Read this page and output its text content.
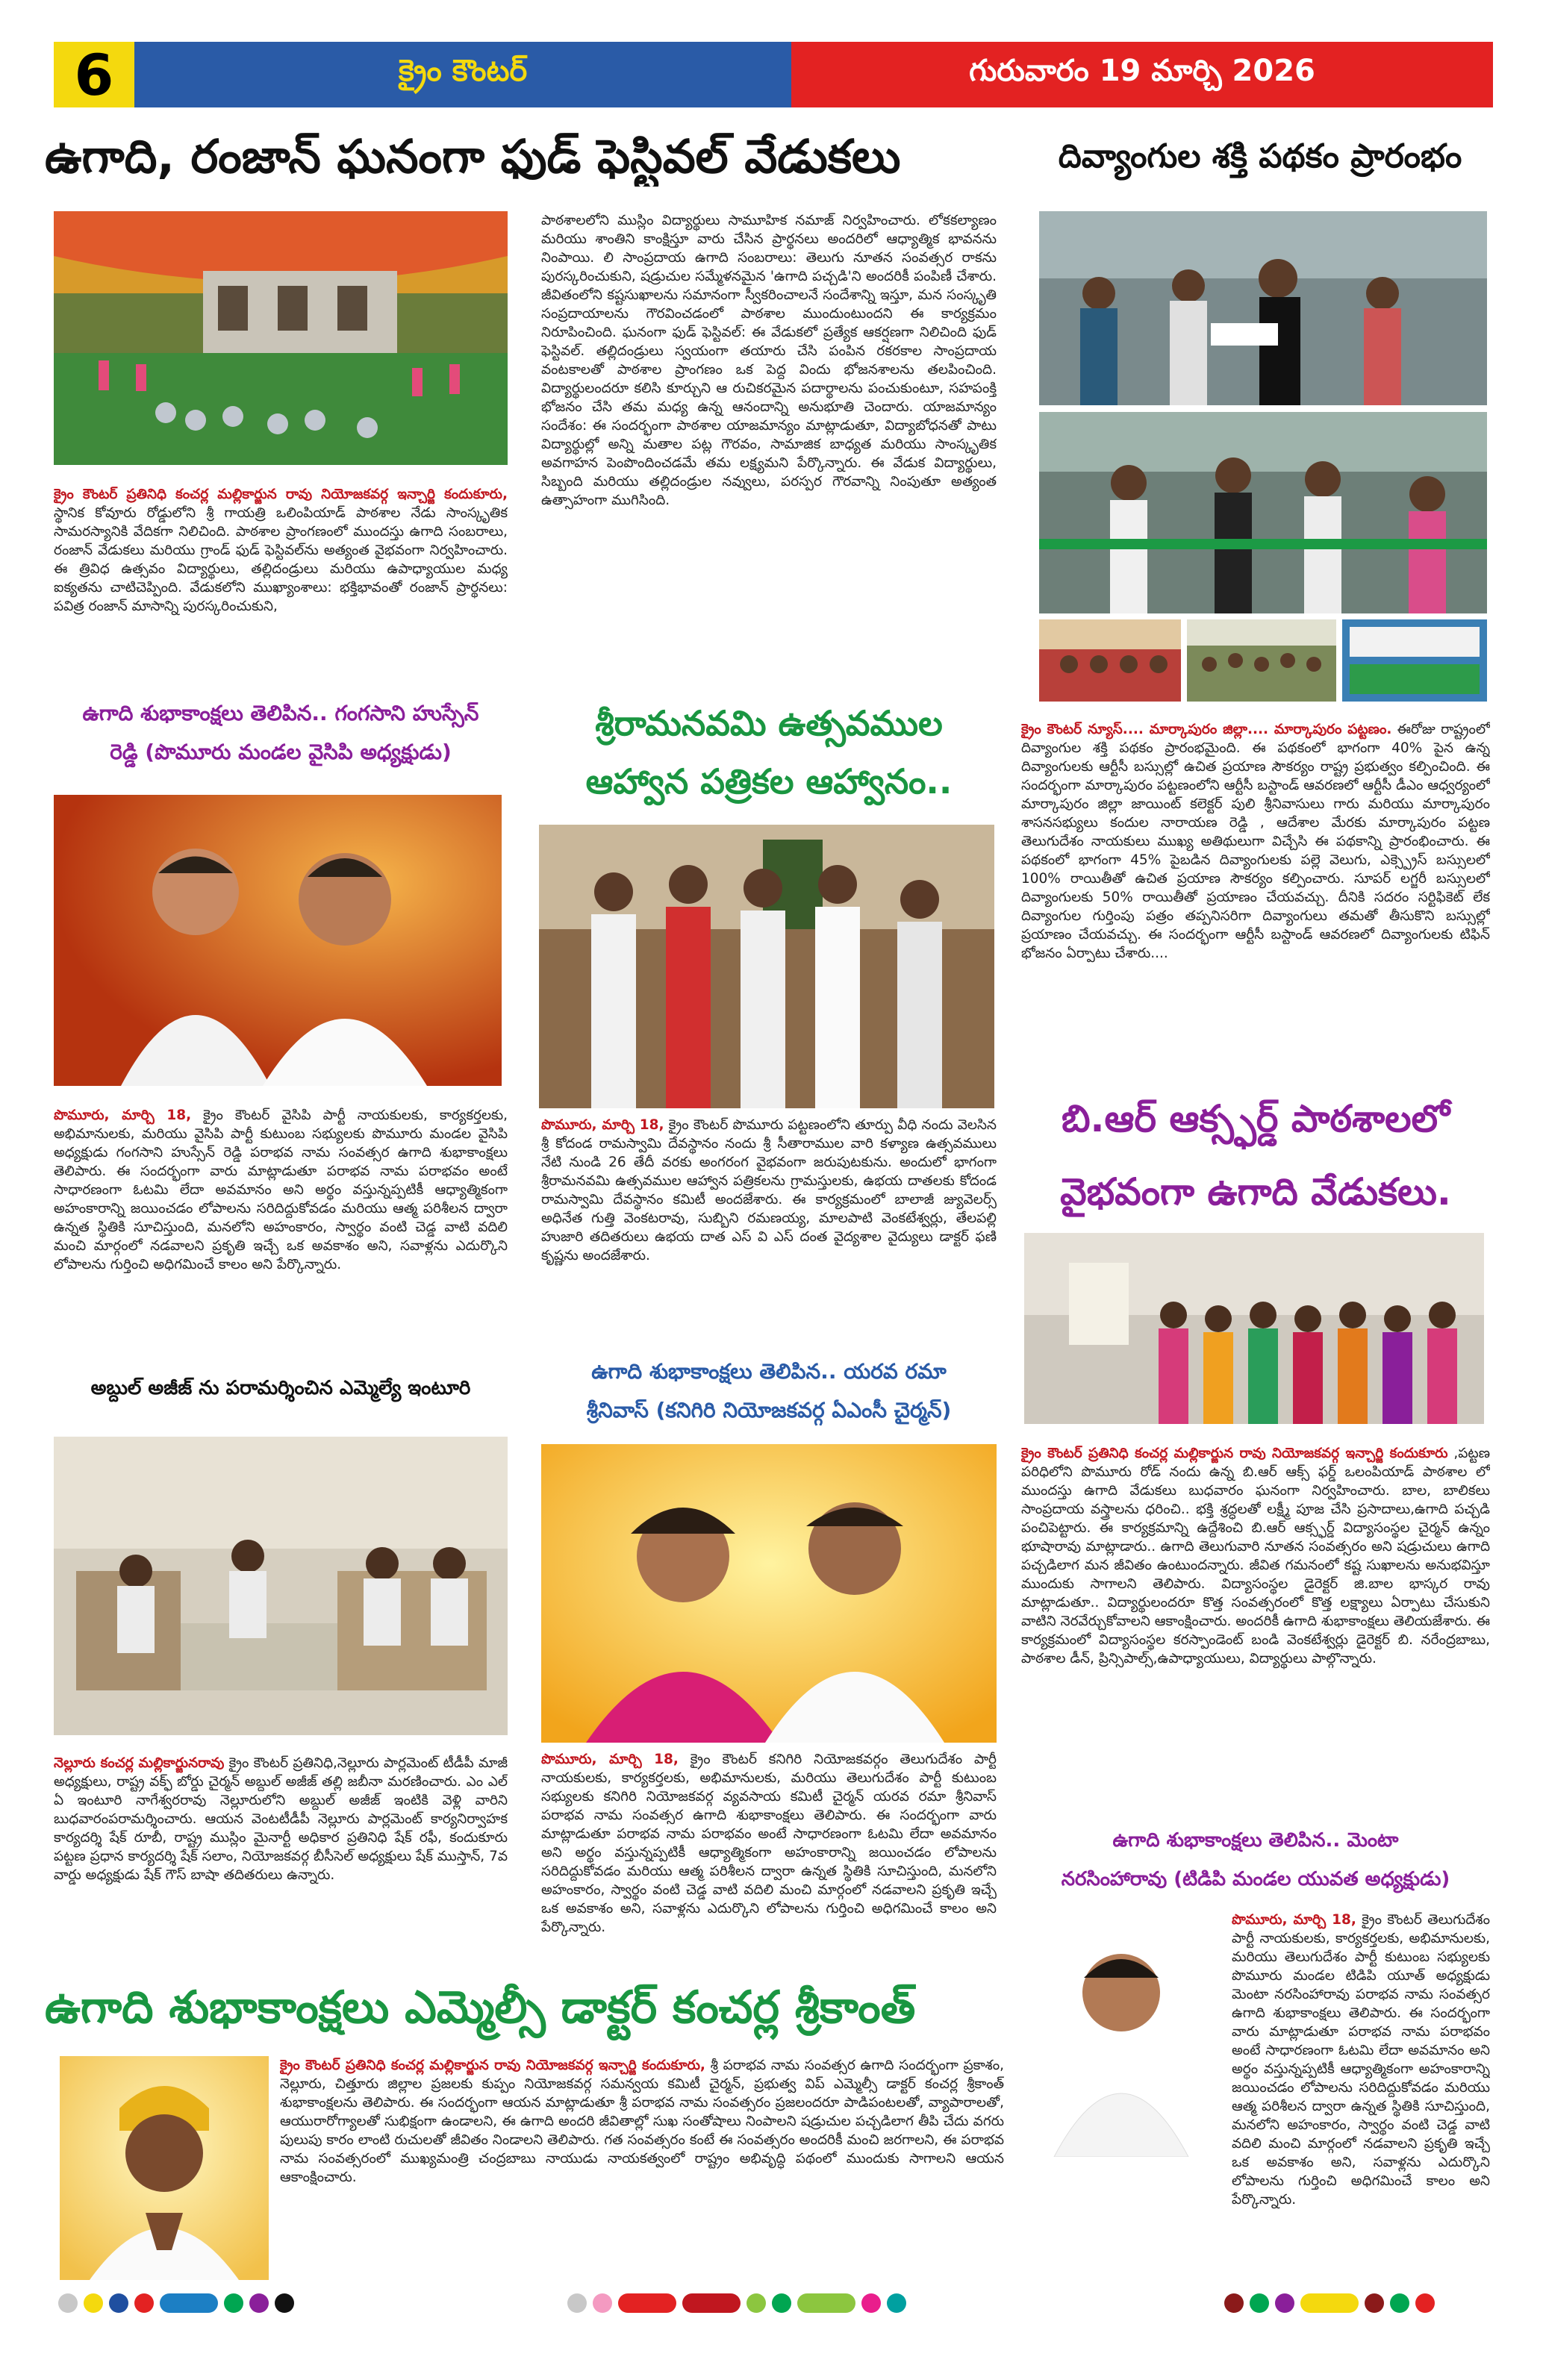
6	క్రైం కౌంటర్	గురువారం 19 మార్చి 2026
ఉగాది, రంజాన్ ఘనంగా ఫుడ్ ఫెస్టివల్ వేడుకలు
క్రైం కౌంటర్ ప్రతినిధి కంచర్ల మల్లికార్జున రావు నియోజకవర్గ ఇన్చార్జి కందుకూరు, స్థానిక కోవూరు రోడ్డులోని శ్రీ గాయత్రి ఒలింపియాడ్ పాఠశాల నేడు సాంస్కృతిక సామరస్యానికి వేదికగా నిలిచింది. పాఠశాల ప్రాంగణంలో ముందస్తు ఉగాది సంబరాలు, రంజాన్ వేడుకలు మరియు గ్రాండ్ ఫుడ్ ఫెస్టివల్‌ను అత్యంత వైభవంగా నిర్వహించారు. ఈ త్రివిధ ఉత్సవం విద్యార్థులు, తల్లిదండ్రులు మరియు ఉపాధ్యాయుల మధ్య ఐక్యతను చాటిచెప్పింది. వేడుకలోని ముఖ్యాంశాలు: భక్తిభావంతో రంజాన్ ప్రార్థనలు: పవిత్ర రంజాన్ మాసాన్ని పురస్కరించుకుని,
పాఠశాలలోని ముస్లిం విద్యార్థులు సామూహిక నమాజ్ నిర్వహించారు. లోకకల్యాణం మరియు శాంతిని కాంక్షిస్తూ వారు చేసిన ప్రార్థనలు అందరిలో ఆధ్యాత్మిక భావనను నింపాయి. లి సాంప్రదాయ ఉగాది సంబరాలు: తెలుగు నూతన సంవత్సర రాకను పురస్కరించుకుని, షడ్రుచుల సమ్మేళనమైన 'ఉగాది పచ్చడి'ని అందరికీ పంపిణీ చేశారు. జీవితంలోని కష్టసుఖాలను సమానంగా స్వీకరించాలనే సందేశాన్ని ఇస్తూ, మన సంస్కృతి సంప్రదాయాలను గౌరవించడంలో పాఠశాల ముందుంటుందని ఈ కార్యక్రమం నిరూపించింది. ఘనంగా ఫుడ్ ఫెస్టివల్: ఈ వేడుకలో ప్రత్యేక ఆకర్షణగా నిలిచింది ఫుడ్ ఫెస్టివల్. తల్లిదండ్రులు స్వయంగా తయారు చేసి పంపిన రకరకాల సాంప్రదాయ వంటకాలతో పాఠశాల ప్రాంగణం ఒక పెద్ద విందు భోజనశాలను తలపించింది. విద్యార్థులందరూ కలిసి కూర్చుని ఆ రుచికరమైన పదార్థాలను పంచుకుంటూ, సహపంక్తి భోజనం చేసి తమ మధ్య ఉన్న ఆనందాన్ని అనుభూతి చెందారు. యాజమాన్యం సందేశం: ఈ సందర్భంగా పాఠశాల యాజమాన్యం మాట్లాడుతూ, విద్యాబోధనతో పాటు విద్యార్థుల్లో అన్ని మతాల పట్ల గౌరవం, సామాజిక బాధ్యత మరియు సాంస్కృతిక అవగాహన పెంపొందించడమే తమ లక్ష్యమని పేర్కొన్నారు. ఈ వేడుక విద్యార్థులు, సిబ్బంది మరియు తల్లిదండ్రుల నవ్వులు, పరస్పర గౌరవాన్ని నింపుతూ అత్యంత ఉత్సాహంగా ముగిసింది.
ఉగాది శుభాకాంక్షలు తెలిపిన.. గంగసాని హుస్సేన్
రెడ్డి (పొమూరు మండల వైసిపి అధ్యక్షుడు)
పొమూరు, మార్చి 18, క్రైం కౌంటర్ వైసిపి పార్టీ నాయకులకు, కార్యకర్తలకు, అభిమానులకు, మరియు వైసిపి పార్టీ కుటుంబ సభ్యులకు పొమూరు మండల వైసిపి అధ్యక్షుడు గంగసాని హుస్సేన్ రెడ్డి పరాభవ నామ సంవత్సర ఉగాది శుభాకాంక్షలు తెలిపారు. ఈ సందర్భంగా వారు మాట్లాడుతూ పరాభవ నామ పరాభవం అంటే సాధారణంగా ఓటమి లేదా అవమానం అని అర్థం వస్తున్నప్పటికీ ఆధ్యాత్మికంగా అహంకారాన్ని జయించడం లోపాలను సరిదిద్దుకోవడం మరియు ఆత్మ పరిశీలన ద్వారా ఉన్నత స్థితికి సూచిస్తుంది, మనలోని అహంకారం, స్వార్థం వంటి చెడ్డ వాటి వదిలి మంచి మార్గంలో నడవాలని ప్రకృతి ఇచ్చే ఒక అవకాశం అని, సవాళ్లను ఎదుర్కొని లోపాలను గుర్తించి అధిగమించే కాలం అని పేర్కొన్నారు.
శ్రీరామనవమి ఉత్సవముల
ఆహ్వాన పత్రికల ఆహ్వానం..
పొమూరు, మార్చి 18, క్రైం కౌంటర్ పొమూరు పట్టణంలోని తూర్పు వీధి నందు వెలసిన శ్రీ కోదండ రామస్వామి దేవస్థానం నందు శ్రీ సీతారాముల వారి కళ్యాణ ఉత్సవములు నేటి నుండి 26 తేదీ వరకు అంగరంగ వైభవంగా జరుపుటకును. అందులో భాగంగా శ్రీరామనవమి ఉత్సవముల ఆహ్వాన పత్రికలను గ్రామస్తులకు, ఉభయ దాతలకు కోదండ రామస్వామి దేవస్థానం కమిటీ అందజేశారు. ఈ కార్యక్రమంలో బాలాజీ జ్యువెలర్స్ అధినేత గుత్తి వెంకటరావు, సుబ్బిని రమణయ్య, మాలపాటి వెంకటేశ్వర్లు, తేలపల్లి హుజారి తదితరులు ఉభయ దాత ఎస్ వి ఎస్ దంత వైద్యశాల వైద్యులు డాక్టర్ ఫణి కృష్ణను అందజేశారు.
అబ్దుల్ అజీజ్ ను పరామర్శించిన ఎమ్మెల్యే ఇంటూరి
నెల్లూరు కంచర్ల మల్లికార్జునరావు క్రైం కౌంటర్ ప్రతినిధి,నెల్లూరు పార్లమెంట్ టీడీపీ మాజీ అధ్యక్షులు, రాష్ట్ర వక్ఫ్ బోర్డు చైర్మన్ అబ్దుల్ అజీజ్ తల్లి జబీనా మరణించారు. ఎం ఎల్ ఏ ఇంటూరి నాగేశ్వరరావు నెల్లూరులోని అబ్దుల్ అజీజ్ ఇంటికి వెళ్లి వారిని బుధవారంపరామర్శించారు. ఆయన వెంటటీడీపీ నెల్లూరు పార్లమెంట్ కార్యనిర్వాహక కార్యదర్శి షేక్ రూబీ, రాష్ట్ర ముస్లిం మైనార్టీ అధికార ప్రతినిధి షేక్ రఫీ, కందుకూరు పట్టణ ప్రధాన కార్యదర్శి షేక్ సలాం, నియోజకవర్గ బీసీసెల్ అధ్యక్షులు షేక్ ముస్తాన్, 7వ వార్డు అధ్యక్షుడు షేక్ గౌస్ బాషా తదితరులు ఉన్నారు.
ఉగాది శుభాకాంక్షలు తెలిపిన.. యరవ రమా
శ్రీనివాస్ (కనిగిరి నియోజకవర్గ ఏఎంసీ చైర్మన్)
పొమూరు, మార్చి 18, క్రైం కౌంటర్ కనిగిరి నియోజకవర్గం తెలుగుదేశం పార్టీ నాయకులకు, కార్యకర్తలకు, అభిమానులకు, మరియు తెలుగుదేశం పార్టీ కుటుంబ సభ్యులకు కనిగిరి నియోజకవర్గ వ్యవసాయ కమిటీ చైర్మన్ యరవ రమా శ్రీనివాస్ పరాభవ నామ సంవత్సర ఉగాది శుభాకాంక్షలు తెలిపారు. ఈ సందర్భంగా వారు మాట్లాడుతూ పరాభవ నామ పరాభవం అంటే సాధారణంగా ఓటమి లేదా అవమానం అని అర్థం వస్తున్నప్పటికీ ఆధ్యాత్మికంగా అహంకారాన్ని జయించడం లోపాలను సరిదిద్దుకోవడం మరియు ఆత్మ పరిశీలన ద్వారా ఉన్నత స్థితికి సూచిస్తుంది, మనలోని అహంకారం, స్వార్థం వంటి చెడ్డ వాటి వదిలి మంచి మార్గంలో నడవాలని ప్రకృతి ఇచ్చే ఒక అవకాశం అని, సవాళ్లను ఎదుర్కొని లోపాలను గుర్తించి అధిగమించే కాలం అని పేర్కొన్నారు.
దివ్యాంగుల శక్తి పథకం ప్రారంభం
క్రైం కౌంటర్ న్యూస్.... మార్కాపురం జిల్లా.... మార్కాపురం పట్టణం. ఈరోజు రాష్ట్రంలో దివ్యాంగుల శక్తి పథకం ప్రారంభమైంది. ఈ పథకంలో భాగంగా 40% పైన ఉన్న దివ్యాంగులకు ఆర్టీసీ బస్సుల్లో ఉచిత ప్రయాణ సౌకర్యం రాష్ట్ర ప్రభుత్వం కల్పించింది. ఈ సందర్భంగా మార్కాపురం పట్టణంలోని ఆర్టీసీ బస్టాండ్ ఆవరణలో ఆర్టీసీ డీఎం ఆధ్వర్యంలో మార్కాపురం జిల్లా జాయింట్ కలెక్టర్ పులి శ్రీనివాసులు గారు మరియు మార్కాపురం శాసనసభ్యులు కందుల నారాయణ రెడ్డి , ఆదేశాల మేరకు మార్కాపురం పట్టణ తెలుగుదేశం నాయకులు ముఖ్య అతిథులుగా విచ్చేసి ఈ పథకాన్ని ప్రారంభించారు. ఈ పథకంలో భాగంగా 45% పైబడిన దివ్యాంగులకు పల్లె వెలుగు, ఎక్స్ప్రెస్ బస్సులలో 100% రాయితీతో ఉచిత ప్రయాణ సౌకర్యం కల్పించారు. సూపర్ లగ్జరీ బస్సులలో దివ్యాంగులకు 50% రాయితీతో ప్రయాణం చేయవచ్చు. దీనికి సదరం సర్టిఫికెట్ లేక దివ్యాంగుల గుర్తింపు పత్రం తప్పనిసరిగా దివ్యాంగులు తమతో తీసుకొని బస్సుల్లో ప్రయాణం చేయవచ్చు. ఈ సందర్భంగా ఆర్టీసీ బస్టాండ్ ఆవరణలో దివ్యాంగులకు టిఫిన్ భోజనం ఏర్పాటు చేశారు....
బి.ఆర్ ఆక్స్ఫర్డ్ పాఠశాలలో
వైభవంగా ఉగాది వేడుకలు.
క్రైం కౌంటర్ ప్రతినిధి కంచర్ల మల్లికార్జున రావు నియోజకవర్గ ఇన్చార్జి కందుకూరు ,పట్టణ పరిధిలోని పొమూరు రోడ్ నందు ఉన్న బి.ఆర్ ఆక్స్ ఫర్డ్ ఒలంపియాడ్ పాఠశాల లో ముందస్తు ఉగాది వేడుకలు బుధవారం ఘనంగా నిర్వహించారు. బాల, బాలికలు సాంప్రదాయ వస్త్రాలను ధరించి.. భక్తి శ్రద్ధలతో లక్ష్మీ పూజ చేసి ప్రసాదాలు,ఉగాది పచ్చడి పంచిపెట్టారు. ఈ కార్యక్రమాన్ని ఉద్దేశించి బి.ఆర్ ఆక్స్ఫర్డ్ విద్యాసంస్థల చైర్మన్ ఉన్నం భూషారావు మాట్లాడారు.. ఉగాది తెలుగువారి నూతన సంవత్సరం అని షడ్రుచులు ఉగాది పచ్చడిలాగ మన జీవితం ఉంటుందన్నారు. జీవిత గమనంలో కష్ట సుఖాలను అనుభవిస్తూ ముందుకు సాగాలని తెలిపారు. విద్యాసంస్థల డైరెక్టర్ జి.బాల భాస్కర రావు మాట్లాడుతూ.. విద్యార్థులందరూ కొత్త సంవత్సరంలో కొత్త లక్ష్యాలు ఏర్పాటు చేసుకుని వాటిని నెరవేర్చుకోవాలని ఆకాంక్షించారు. అందరికీ ఉగాది శుభాకాంక్షలు తెలియజేశారు. ఈ కార్యక్రమంలో విద్యాసంస్థల కరస్పాండెంట్ బండి వెంకటేశ్వర్లు డైరెక్టర్ బి. నరేంద్రబాబు, పాఠశాల డీన్, ప్రిన్సిపాల్స్,ఉపాధ్యాయులు, విద్యార్థులు పాల్గొన్నారు.
ఉగాది శుభాకాంక్షలు తెలిపిన.. మెంటా
నరసింహారావు (టిడిపి మండల యువత అధ్యక్షుడు)
పొమూరు, మార్చి 18, క్రైం కౌంటర్ తెలుగుదేశం పార్టీ నాయకులకు, కార్యకర్తలకు, అభిమానులకు, మరియు తెలుగుదేశం పార్టీ కుటుంబ సభ్యులకు పొమూరు మండల టిడిపి యూత్ అధ్యక్షుడు మెంటా నరసింహారావు పరాభవ నామ సంవత్సర ఉగాది శుభాకాంక్షలు తెలిపారు. ఈ సందర్భంగా వారు మాట్లాడుతూ పరాభవ నామ పరాభవం అంటే సాధారణంగా ఓటమి లేదా అవమానం అని అర్థం వస్తున్నప్పటికీ ఆధ్యాత్మికంగా అహంకారాన్ని జయించడం లోపాలను సరిదిద్దుకోవడం మరియు ఆత్మ పరిశీలన ద్వారా ఉన్నత స్థితికి సూచిస్తుంది, మనలోని అహంకారం, స్వార్థం వంటి చెడ్డ వాటి వదిలి మంచి మార్గంలో నడవాలని ప్రకృతి ఇచ్చే ఒక అవకాశం అని, సవాళ్లను ఎదుర్కొని లోపాలను గుర్తించి అధిగమించే కాలం అని పేర్కొన్నారు.
ఉగాది శుభాకాంక్షలు ఎమ్మెల్సీ డాక్టర్ కంచర్ల శ్రీకాంత్
క్రైం కౌంటర్ ప్రతినిధి కంచర్ల మల్లికార్జున రావు నియోజకవర్గ ఇన్చార్జి కందుకూరు, శ్రీ పరాభవ నామ సంవత్సర ఉగాది సందర్భంగా ప్రకాశం, నెల్లూరు, చిత్తూరు జిల్లాల ప్రజలకు కుప్పం నియోజకవర్గ సమన్వయ కమిటీ చైర్మన్, ప్రభుత్వ విప్ ఎమ్మెల్సీ డాక్టర్ కంచర్ల శ్రీకాంత్ శుభాకాంక్షలను తెలిపారు. ఈ సందర్భంగా ఆయన మాట్లాడుతూ శ్రీ పరాభవ నామ సంవత్సరం ప్రజలందరూ పాడిపంటలతో, వ్యాపారాలతో, ఆయురారోగ్యాలతో సుభిక్షంగా ఉండాలని, ఈ ఉగాది అందరి జీవితాల్లో సుఖ సంతోషాలు నింపాలని షడ్రుచుల పచ్చడిలాగ తీపి చేదు వగరు పులుపు కారం లాంటి రుచులతో జీవితం నిండాలని తెలిపారు. గత సంవత్సరం కంటే ఈ సంవత్సరం అందరికీ మంచి జరగాలని, ఈ పరాభవ నామ సంవత్సరంలో ముఖ్యమంత్రి చంద్రబాబు నాయుడు నాయకత్వంలో రాష్ట్రం అభివృద్ధి పథంలో ముందుకు సాగాలని ఆయన ఆకాంక్షించారు.
